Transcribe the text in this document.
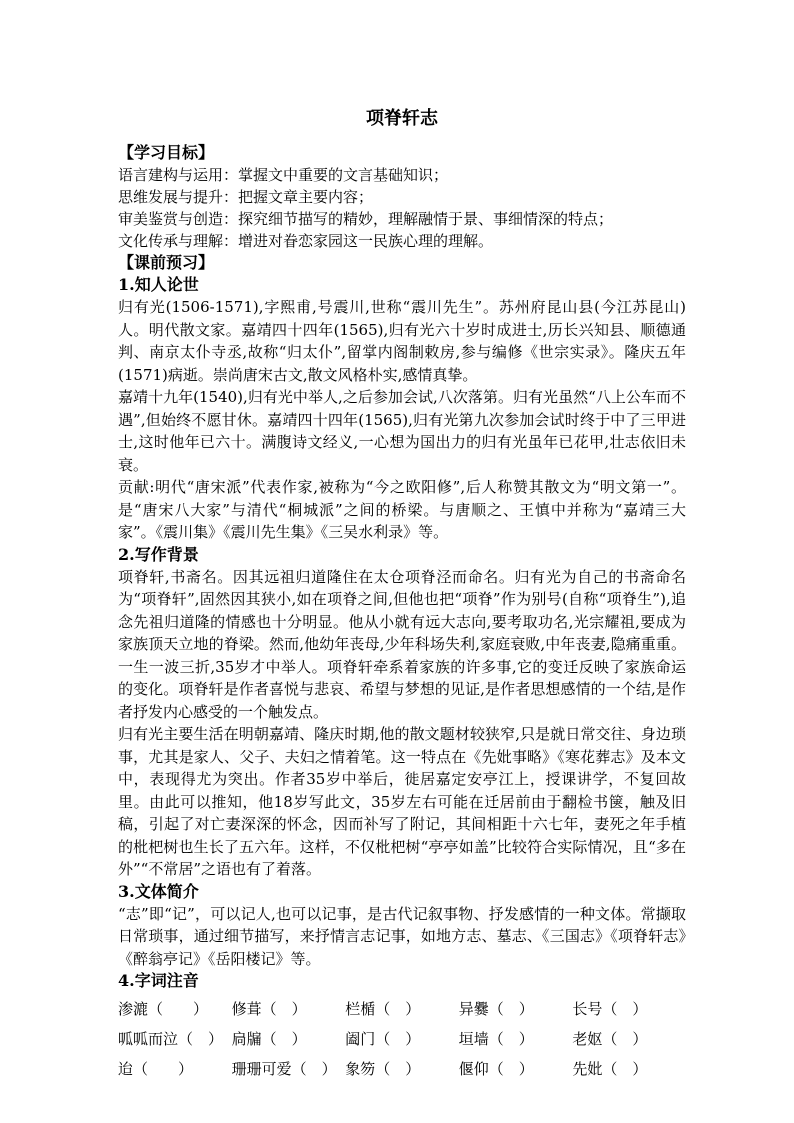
项脊轩志
【学习目标】
语言建构与运用：掌握文中重要的文言基础知识；
思维发展与提升：把握文章主要内容；
审美鉴赏与创造：探究细节描写的精妙，理解融情于景、事细情深的特点；
文化传承与理解：增进对眷恋家园这一民族心理的理解。
【课前预习】
1.知人论世

归有光(1506-1571),字熙甫,号震川,世称“震川先生”。苏州府昆山县(今江苏昆山)人。明代散文家。嘉靖四十四年(1565),归有光六十岁时成进士,历长兴知县、顺德通判、南京太仆寺丞,故称“归太仆”,留掌内阁制敕房,参与编修《世宗实录》。隆庆五年(1571)病逝。崇尚唐宋古文,散文风格朴实,感情真挚。

嘉靖十九年(1540),归有光中举人,之后参加会试,八次落第。归有光虽然“八上公车而不遇”,但始终不愿甘休。嘉靖四十四年(1565),归有光第九次参加会试时终于中了三甲进士,这时他年已六十。满腹诗文经义,一心想为国出力的归有光虽年已花甲,壮志依旧未衰。

贡献:明代“唐宋派”代表作家,被称为“今之欧阳修”,后人称赞其散文为“明文第一”。是“唐宋八大家”与清代“桐城派”之间的桥梁。与唐顺之、王慎中并称为“嘉靖三大家”。《震川集》《震川先生集》《三吴水利录》等。

2.写作背景

项脊轩,书斋名。因其远祖归道隆住在太仓项脊泾而命名。归有光为自己的书斋命名为“项脊轩”,固然因其狭小,如在项脊之间,但他也把“项脊”作为别号(自称“项脊生”),追念先祖归道隆的情感也十分明显。他从小就有远大志向,要考取功名,光宗耀祖,要成为家族顶天立地的脊梁。然而,他幼年丧母,少年科场失利,家庭衰败,中年丧妻,隐痛重重。一生一波三折,35岁才中举人。项脊轩牵系着家族的许多事,它的变迁反映了家族命运的变化。项脊轩是作者喜悦与悲哀、希望与梦想的见证,是作者思想感情的一个结,是作者抒发内心感受的一个触发点。

归有光主要生活在明朝嘉靖、隆庆时期,他的散文题材较狭窄,只是就日常交往、身边琐事，尤其是家人、父子、夫妇之情着笔。这一特点在《先妣事略》《寒花葬志》及本文中，表现得尤为突出。作者35岁中举后，徙居嘉定安亭江上，授课讲学，不复回故里。由此可以推知，他18岁写此文，35岁左右可能在迁居前由于翻检书箧，触及旧稿，引起了对亡妻深深的怀念，因而补写了附记，其间相距十六七年，妻死之年手植的枇杷树也生长了五六年。这样，不仅枇杷树“亭亭如盖”比较符合实际情况，且“多在外”“不常居”之语也有了着落。

3.文体简介

“志”即“记”，可以记人,也可以记事，是古代记叙事物、抒发感情的一种文体。常撷取日常琐事，通过细节描写，来抒情言志记事，如地方志、墓志、《三国志》《项脊轩志》《醉翁亭记》《岳阳楼记》等。

4.字词注音
渗漉（　　）	修葺（　）	栏楯（　）	异爨（　）	长号（　）
呱呱而泣（　） 扃牖（　）	阖门（　）	垣墙（　）	老妪（　）
迨（　　）	珊珊可爱（　） 象笏（　）	偃仰（　）	先妣（　）
